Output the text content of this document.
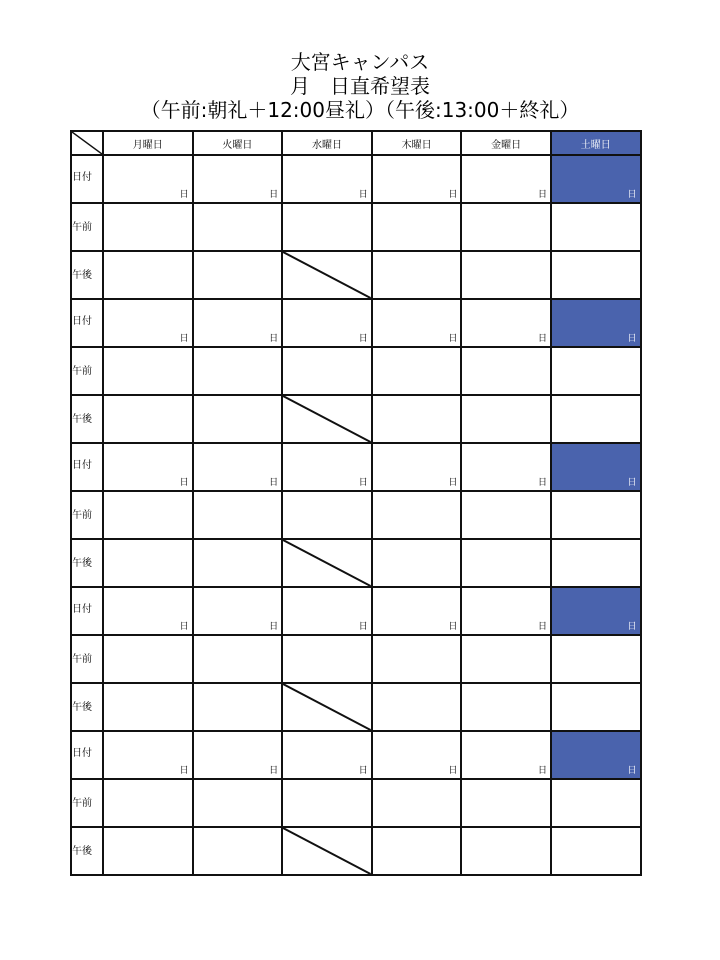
大宮キャンパス
月　日直希望表
（午前:朝礼＋12:00昼礼）（午後:13:00＋終礼）
	月曜日	火曜日	水曜日	木曜日	金曜日	土曜日

日付	日	日	日	日	日	日

午前						

午後

日付	日	日	日	日	日	日

午前						

午後

日付	日	日	日	日	日	日

午前						

午後

日付	日	日	日	日	日	日

午前						

午後

日付	日	日	日	日	日	日

午前						

午後
